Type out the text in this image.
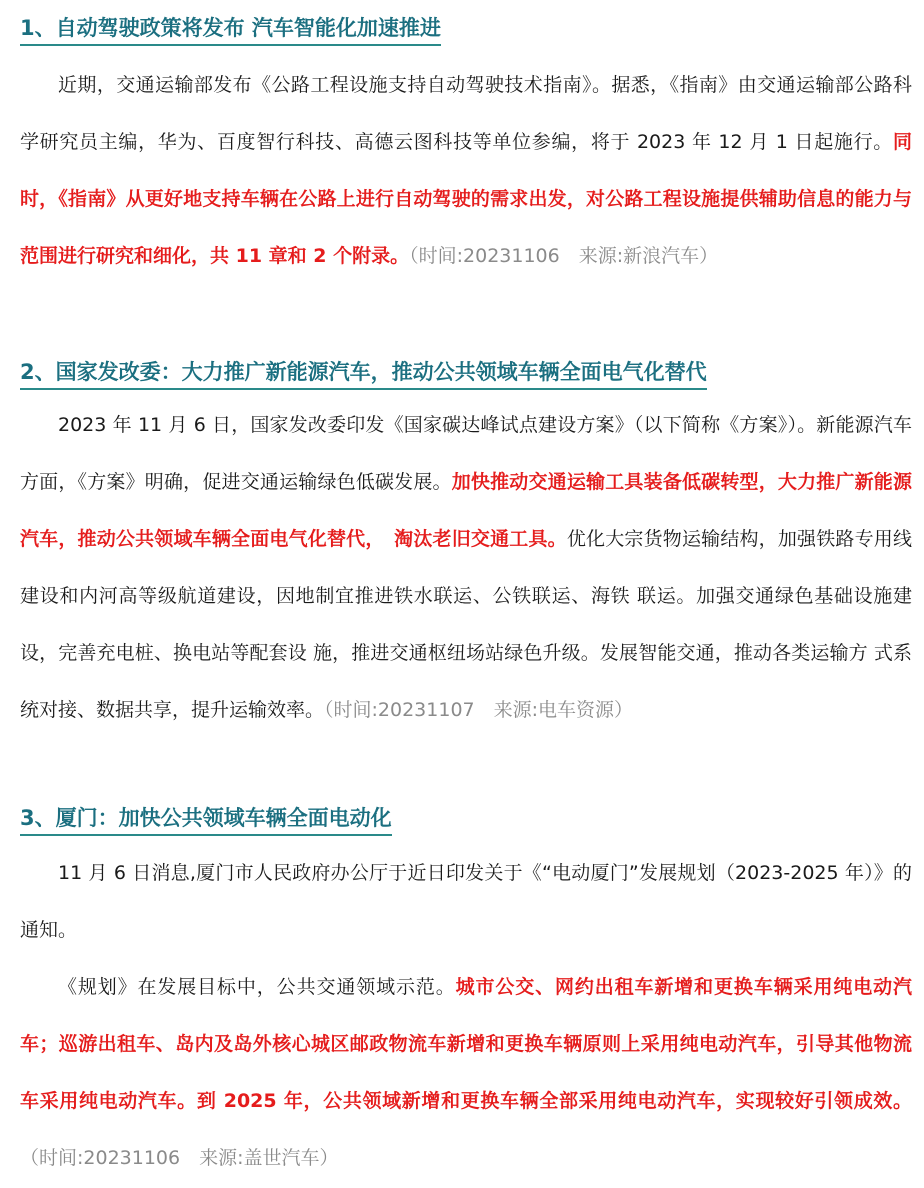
1、自动驾驶政策将发布 汽车智能化加速推进

近期，交通运输部发布《公路工程设施支持自动驾驶技术指南》。据悉，《指南》由交通运输部公路科学研究员主编，华为、百度智行科技、高德云图科技等单位参编，将于 2023 年 12 月 1 日起施行。同时，《指南》从更好地支持车辆在公路上进行自动驾驶的需求出发，对公路工程设施提供辅助信息的能力与范围进行研究和细化，共 11 章和 2 个附录。（时间:20231106　来源:新浪汽车）

2、国家发改委：大力推广新能源汽车，推动公共领域车辆全面电气化替代

2023 年 11 月 6 日，国家发改委印发《国家碳达峰试点建设方案》（以下简称《方案》）。新能源汽车方面，《方案》明确，促进交通运输绿色低碳发展。加快推动交通运输工具装备低碳转型，大力推广新能源汽车，推动公共领域车辆全面电气化替代，　淘汰老旧交通工具。优化大宗货物运输结构，加强铁路专用线建设和内河高等级航道建设，因地制宜推进铁水联运、公铁联运、海铁 联运。加强交通绿色基础设施建设，完善充电桩、换电站等配套设 施，推进交通枢纽场站绿色升级。发展智能交通，推动各类运输方 式系统对接、数据共享，提升运输效率。（时间:20231107　来源:电车资源）

3、厦门：加快公共领域车辆全面电动化

11 月 6 日消息,厦门市人民政府办公厅于近日印发关于《“电动厦门”发展规划（2023-2025 年）》的通知。

《规划》在发展目标中，公共交通领域示范。城市公交、网约出租车新增和更换车辆采用纯电动汽车；巡游出租车、岛内及岛外核心城区邮政物流车新增和更换车辆原则上采用纯电动汽车，引导其他物流车采用纯电动汽车。到 2025 年，公共领域新增和更换车辆全部采用纯电动汽车，实现较好引领成效。（时间:20231106　来源:盖世汽车）
